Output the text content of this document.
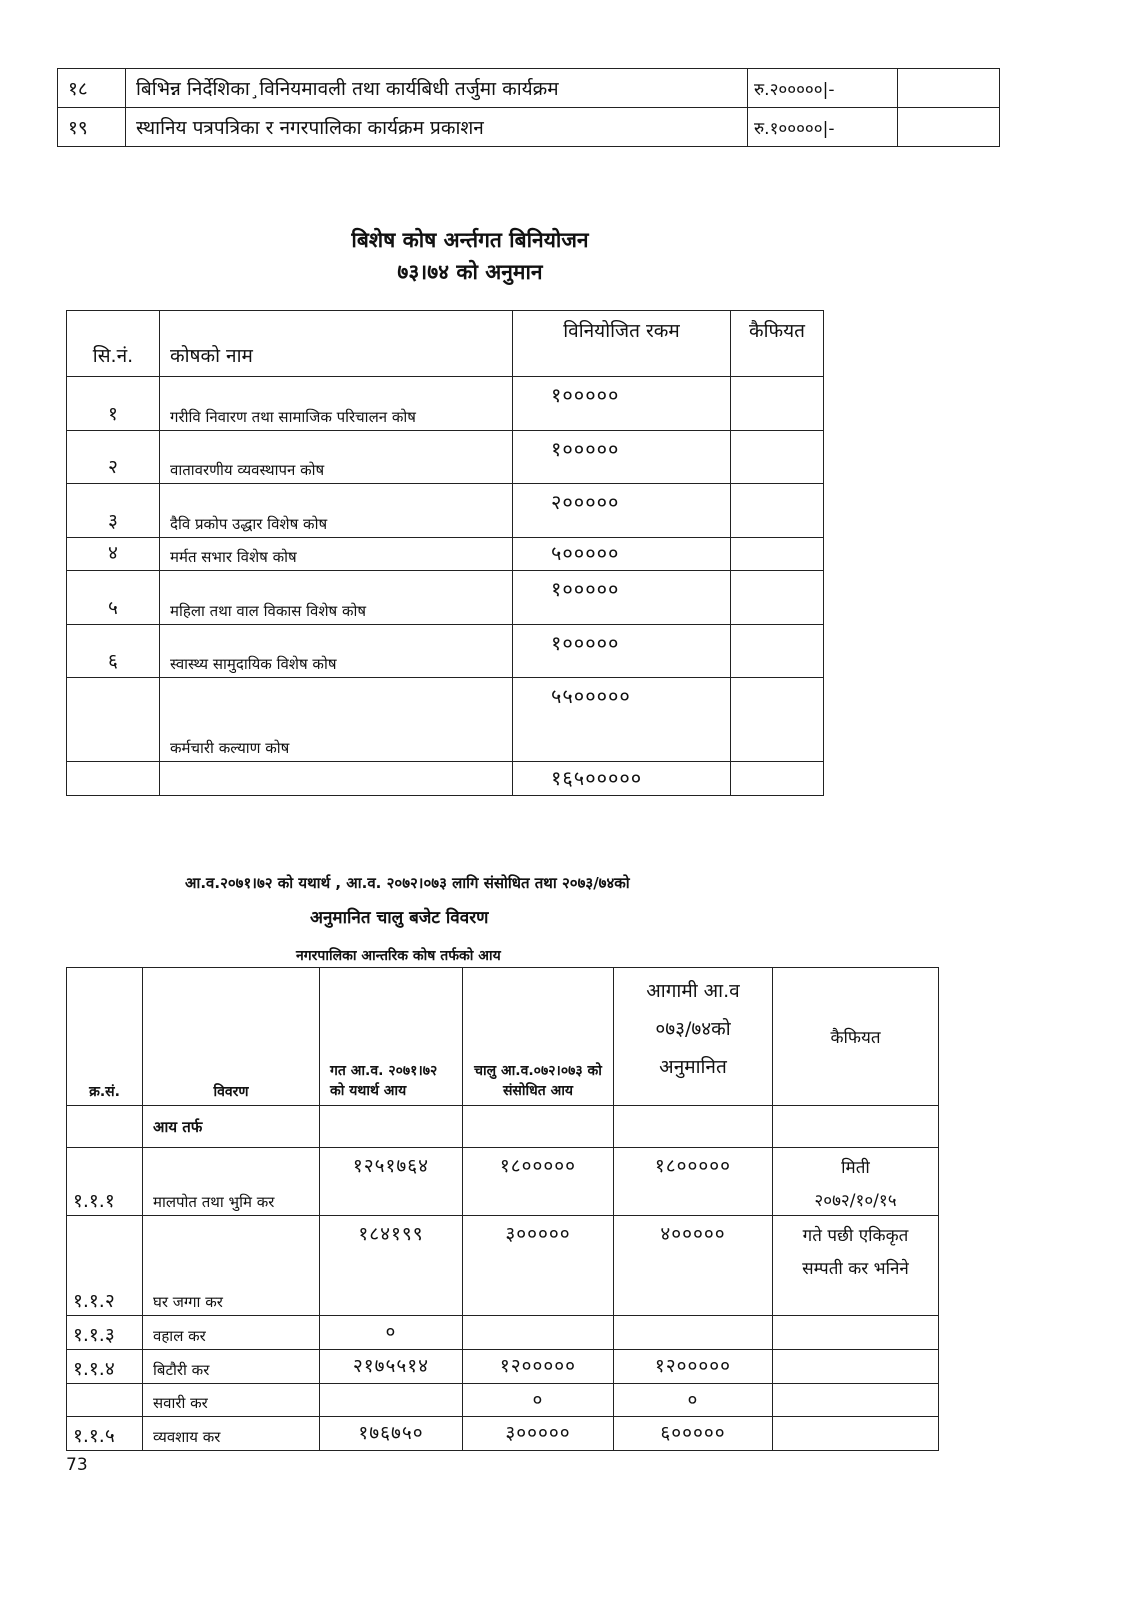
१८	बिभिन्न निर्देशिका¸विनियमावली तथा कार्यबिधी तर्जुमा कार्यक्रम	रु.२०००००|-	
१९	स्थानिय पत्रपत्रिका र नगरपालिका कार्यक्रम प्रकाशन	रु.१०००००|-	
बिशेष कोष अर्न्तगत बिनियोजन
७३।७४ को अनुमान
सि.नं.	कोषको नाम	विनियोजित रकम	कैफियत

१	गरीवि निवारण तथा सामाजिक परिचालन कोष	१०००००	

२	वातावरणीय व्यवस्थापन कोष	१०००००	

३	दैवि प्रकोप उद्धार विशेष कोष	२०००००	

४	मर्मत सभार विशेष कोष	५०००००	

५	महिला तथा वाल विकास विशेष कोष	१०००००	

६	स्वास्थ्य सामुदायिक विशेष कोष	१०००००	

	कर्मचारी कल्याण कोष	५५०००००	

		१६५०००००	

आ.व.२०७१।७२ को यथार्थ , आ.व. २०७२।०७३ लागि संसोधित तथा २०७३/७४को
अनुमानित चालु बजेट विवरण
नगरपालिका आन्तरिक कोष तर्फको आय
क्र.सं.	विवरण	गत आ.व. २०७१।७२ को यथार्थ आय	चालु आ.व.०७२।०७३ को संसोधित आय	आगामी आ.व ०७३/७४को अनुमानित	कैफियत
	आय तर्फ				

१.१.१	मालपोत तथा भुमि कर	१२५१७६४	१८०००००	१८०००००	मिती २०७२/१०/१५

१.१.२	घर जग्गा कर	१८४१९९	३०००००	४०००००	गते पछी एकिकृत सम्पती कर भनिने

१.१.३	वहाल कर	०			

१.१.४	बिटौरी कर	२१७५५१४	१२०००००	१२०००००	

	सवारी कर		०	०	

१.१.५	व्यवशाय कर	१७६७५०	३०००००	६०००००	

73
